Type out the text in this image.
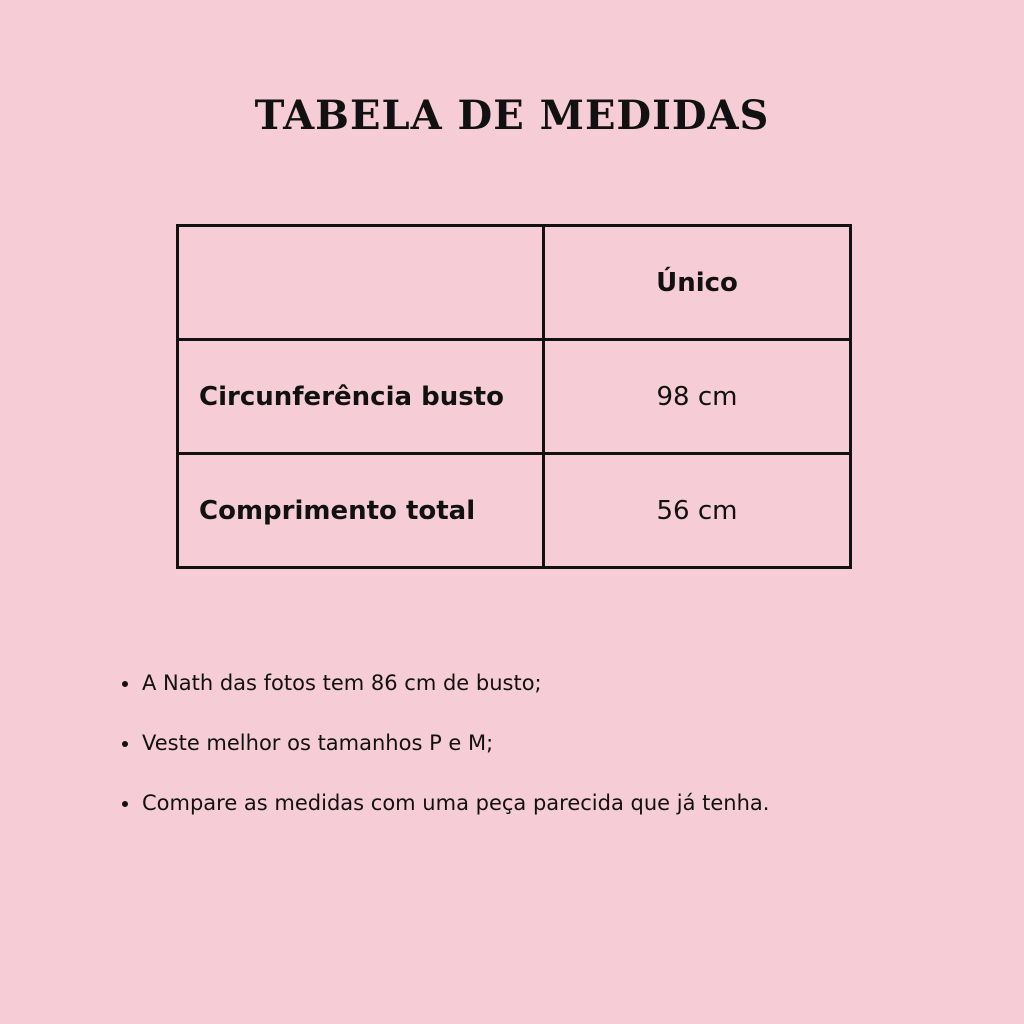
TABELA DE MEDIDAS
	Único
Circunferência busto	98 cm
Comprimento total	56 cm
A Nath das fotos tem 86 cm de busto;
Veste melhor os tamanhos P e M;
Compare as medidas com uma peça parecida que já tenha.
